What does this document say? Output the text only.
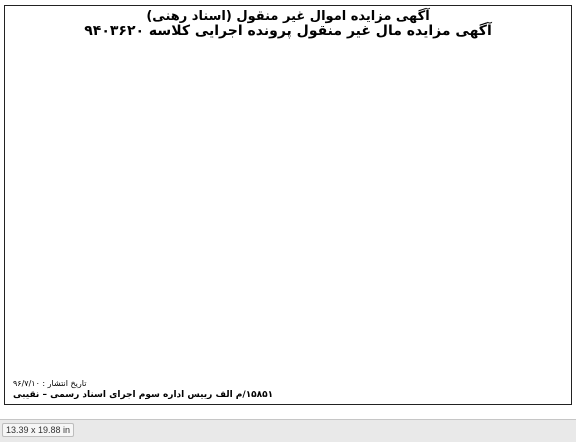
آگهی مزایده اموال غیر منقول (اسناد رهنی)
آگهی مزایده مال غیر منقول پرونده اجرایی کلاسه ۹۴۰۳۶۲۰
تاریخ انتشار : ۹۶/۷/۱۰
۱۵۸۵۱/م الف رییس اداره سوم اجرای اسناد رسمی – نقیبی
13.39 x 19.88 in
